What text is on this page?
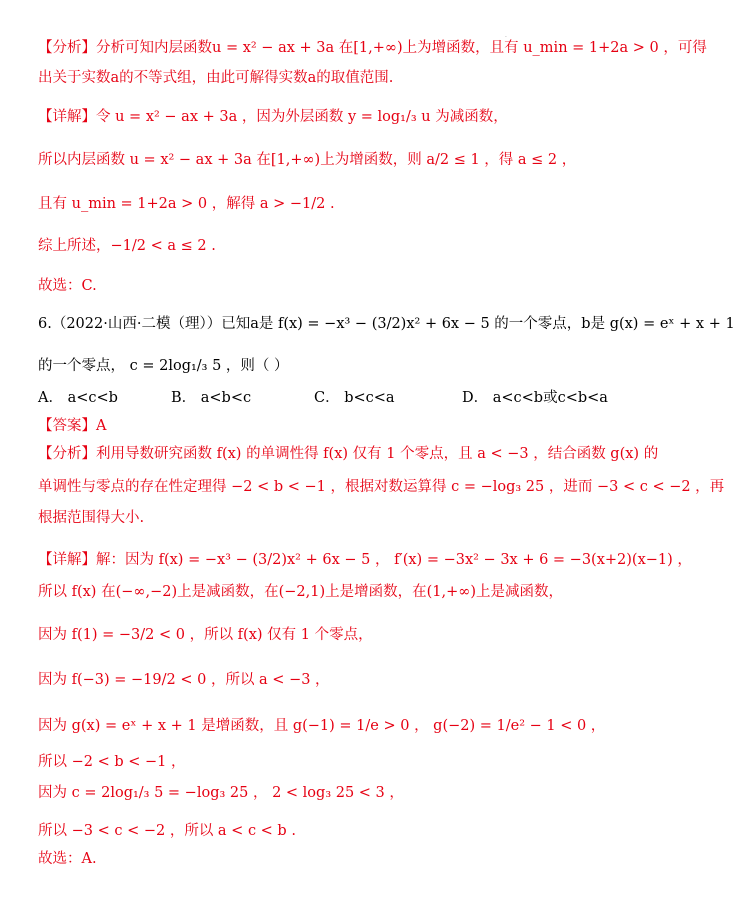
·
【分析】分析可知内层函数u = x² − ax + 3a 在[1,+∞)上为增函数，且有 u_min = 1+2a > 0 ，可得
出关于实数a的不等式组，由此可解得实数a的取值范围.
【详解】令 u = x² − ax + 3a ，因为外层函数 y = log₁/₃ u 为减函数，
所以内层函数 u = x² − ax + 3a 在[1,+∞)上为增函数，则 a/2 ≤ 1 ，得 a ≤ 2 ，
且有 u_min = 1+2a > 0 ，解得 a > −1/2 .
综上所述，−1/2 < a ≤ 2 .
故选：C.
6.（2022·山西·二模（理））已知a是 f(x) = −x³ − (3/2)x² + 6x − 5 的一个零点，b是 g(x) = eˣ + x + 1
的一个零点， c = 2log₁/₃ 5 ，则（ ）
A． a<c<b	B． a<b<c	C． b<c<a	D． a<c<b或c<b<a
【答案】A
【分析】利用导数研究函数 f(x) 的单调性得 f(x) 仅有 1 个零点，且 a < −3 ，结合函数 g(x) 的
单调性与零点的存在性定理得 −2 < b < −1 ，根据对数运算得 c = −log₃ 25 ，进而 −3 < c < −2 ，再
根据范围得大小.
【详解】解：因为 f(x) = −x³ − (3/2)x² + 6x − 5 ， f′(x) = −3x² − 3x + 6 = −3(x+2)(x−1) ，
所以 f(x) 在(−∞,−2)上是减函数，在(−2,1)上是增函数，在(1,+∞)上是减函数，
因为 f(1) = −3/2 < 0 ，所以 f(x) 仅有 1 个零点，
因为 f(−3) = −19/2 < 0 ，所以 a < −3 ，
因为 g(x) = eˣ + x + 1 是增函数，且 g(−1) = 1/e > 0 ， g(−2) = 1/e² − 1 < 0 ，
所以 −2 < b < −1 ，
因为 c = 2log₁/₃ 5 = −log₃ 25 ， 2 < log₃ 25 < 3 ，
所以 −3 < c < −2 ，所以 a < c < b .
故选：A.
